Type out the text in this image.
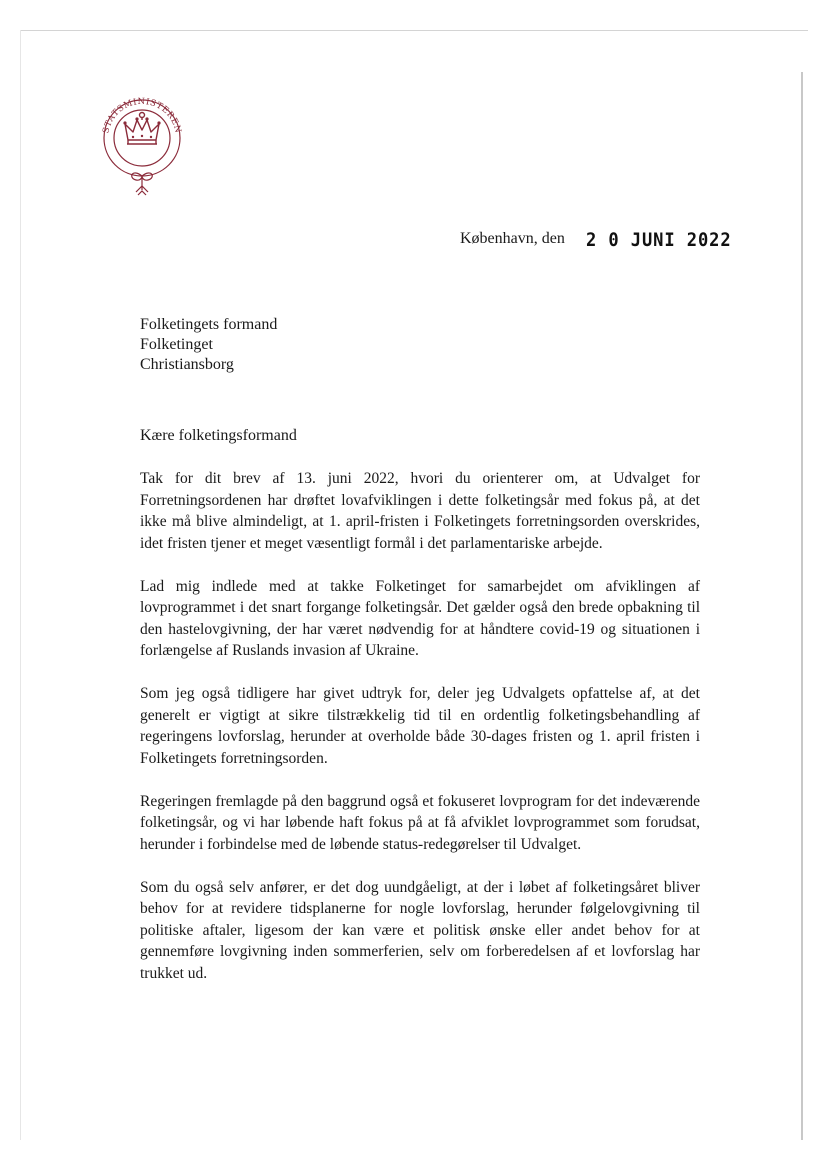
STATSMINISTEREN
København, den 2 0 JUNI 2022
Folketingets formand
Folketinget
Christiansborg
Kære folketingsformand

Tak for dit brev af 13. juni 2022, hvori du orienterer om, at Udvalget for Forretningsordenen har drøftet lovafviklingen i dette folketingsår med fokus på, at det ikke må blive almindeligt, at 1. april-fristen i Folketingets forretningsorden overskrides, idet fristen tjener et meget væsentligt formål i det parlamentariske arbejde.

Lad mig indlede med at takke Folketinget for samarbejdet om afviklingen af lovprogrammet i det snart forgange folketingsår. Det gælder også den brede opbakning til den hastelovgivning, der har været nødvendig for at håndtere covid-19 og situationen i forlængelse af Ruslands invasion af Ukraine.

Som jeg også tidligere har givet udtryk for, deler jeg Udvalgets opfattelse af, at det generelt er vigtigt at sikre tilstrækkelig tid til en ordentlig folketingsbehandling af regeringens lovforslag, herunder at overholde både 30-dages fristen og 1. april fristen i Folketingets forretningsorden.

Regeringen fremlagde på den baggrund også et fokuseret lovprogram for det indeværende folketingsår, og vi har løbende haft fokus på at få afviklet lovprogrammet som forudsat, herunder i forbindelse med de løbende status-redegørelser til Udvalget.

Som du også selv anfører, er det dog uundgåeligt, at der i løbet af folketingsåret bliver behov for at revidere tidsplanerne for nogle lovforslag, herunder følgelovgivning til politiske aftaler, ligesom der kan være et politisk ønske eller andet behov for at gennemføre lovgivning inden sommerferien, selv om forberedelsen af et lovforslag har trukket ud.
